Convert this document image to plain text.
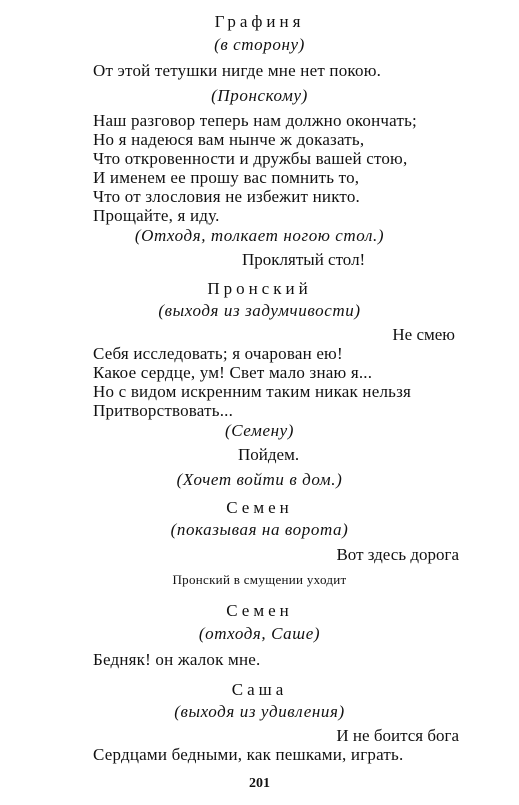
Графиня
(в сторону)
От этой тетушки нигде мне нет покою.
(Пронскому)
Наш разговор теперь нам должно окончать;
Но я надеюся вам нынче ж доказать,
Что откровенности и дружбы вашей стою,
И именем ее прошу вас помнить то,
Что от злословия не избежит никто.
Прощайте, я иду.
(Отходя, толкает ногою стол.)
Проклятый стол!
Пронский
(выходя из задумчивости)
Не смею
Себя исследовать; я очарован ею!
Какое сердце, ум! Свет мало знаю я...
Но с видом искренним таким никак нельзя
Притворствовать...
(Семену)
Пойдем.
(Хочет войти в дом.)
Семен
(показывая на ворота)
Вот здесь дорога
Пронский в смущении уходит
Семен
(отходя, Саше)
Бедняк! он жалок мне.
Саша
(выходя из удивления)
И не боится бога
Сердцами бедными, как пешками, играть.
201
